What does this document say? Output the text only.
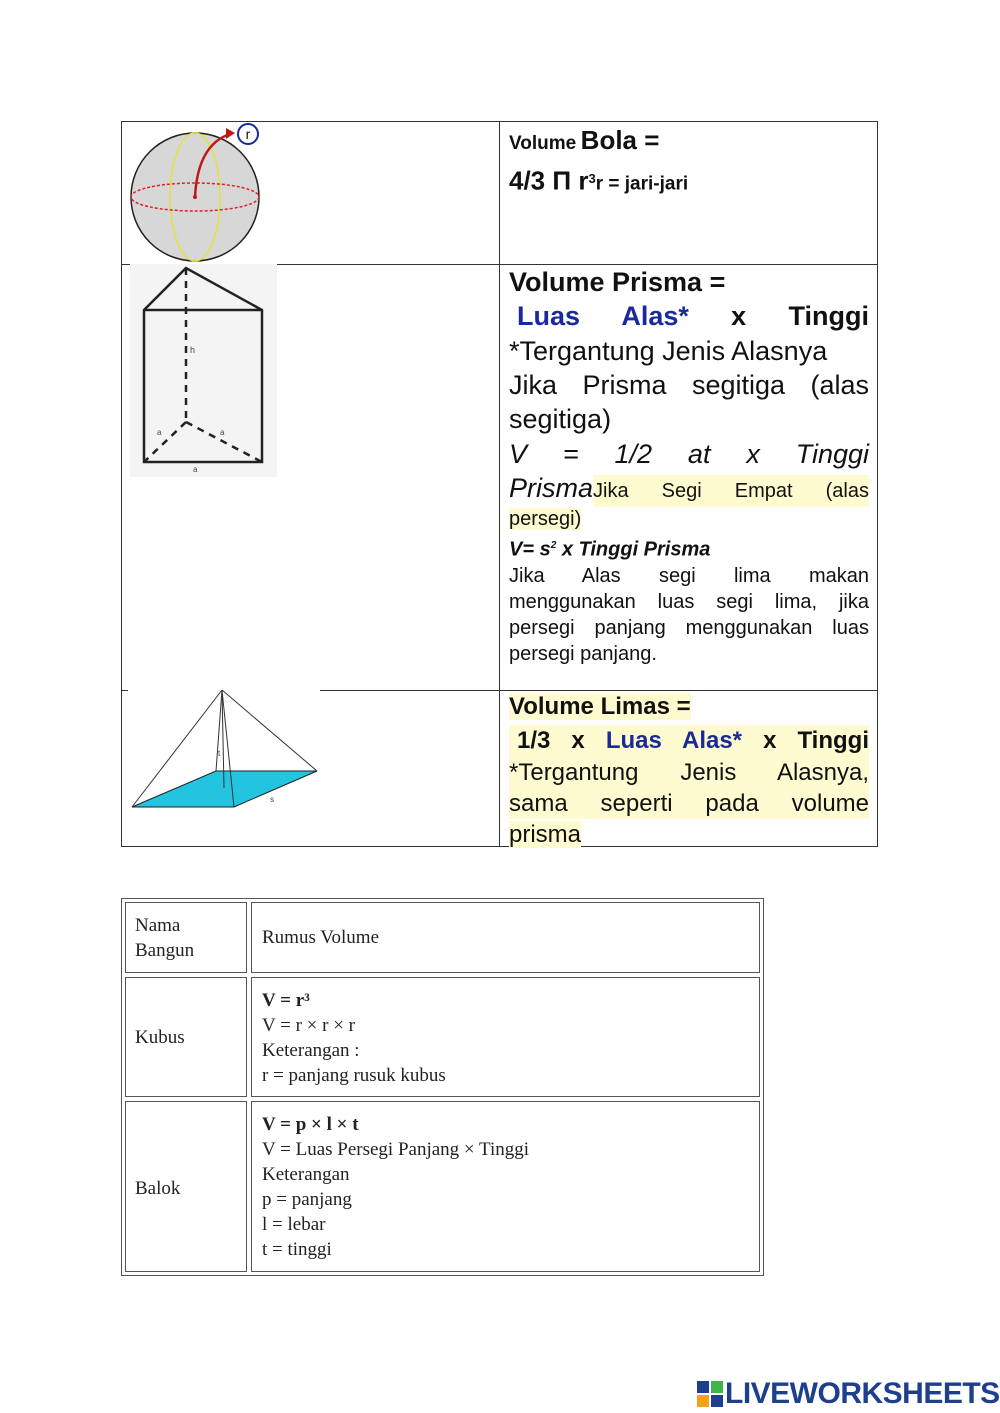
r	Volume Bola =
4/3 Π $r^3r$ = jari-jari
h
a	a
a
Volume Prisma =
Luas Alas* x Tinggi
*Tergantung Jenis Alasnya
Jika Prisma segitiga (alas
segitiga)
V = 1/2 at x Tinggi
Prisma Jika Segi Empat (alas
persegi)
$V= s^2$ x Tinggi Prisma
Jika Alas segi lima makan
menggunakan luas segi lima, jika
persegi panjang menggunakan luas
persegi panjang.
t
s
Volume Limas =
1/3 x Luas Alas* x Tinggi
*Tergantung Jenis Alasnya,
sama seperti pada volume
prisma
Nama
Bangun
Rumus Volume
Kubus
V = r³
V = r × r × r
Keterangan :
r = panjang rusuk kubus
Balok
V = p × l × t
V = Luas Persegi Panjang × Tinggi
Keterangan
p = panjang
l = lebar
t = tinggi
LIVEWORKSHEETS
